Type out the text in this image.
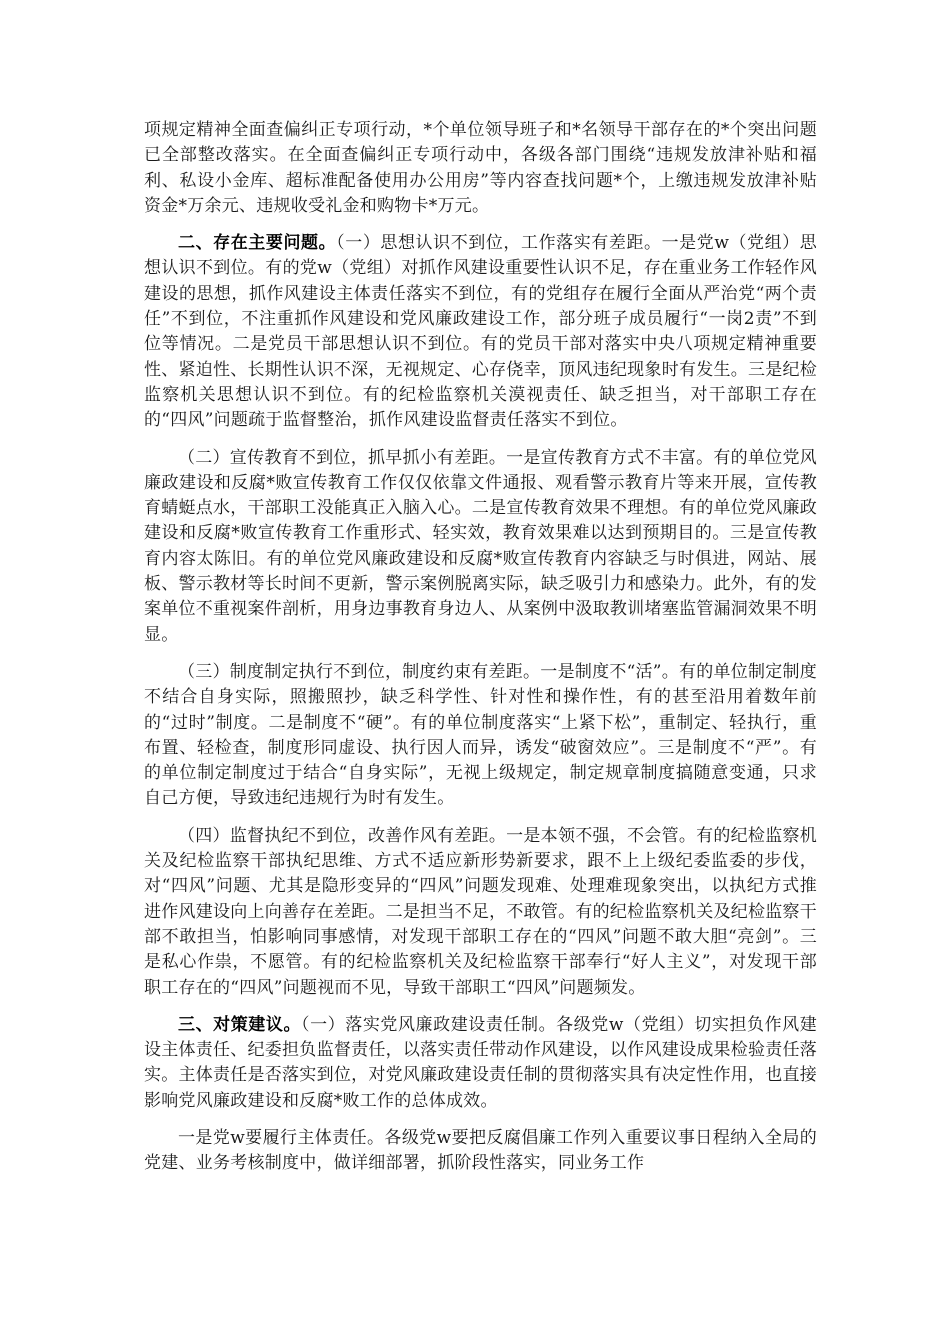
项规定精神全面查偏纠正专项行动，*个单位领导班子和*名领导干部存在的*个突出问题已全部整改落实。在全面查偏纠正专项行动中，各级各部门围绕“违规发放津补贴和福利、私设小金库、超标准配备使用办公用房”等内容查找问题*个，上缴违规发放津补贴资金*万余元、违规收受礼金和购物卡*万元。

二、存在主要问题。（一）思想认识不到位，工作落实有差距。一是党w（党组）思想认识不到位。有的党w（党组）对抓作风建设重要性认识不足，存在重业务工作轻作风建设的思想，抓作风建设主体责任落实不到位，有的党组存在履行全面从严治党“两个责任”不到位，不注重抓作风建设和党风廉政建设工作，部分班子成员履行“一岗2责”不到位等情况。二是党员干部思想认识不到位。有的党员干部对落实中央八项规定精神重要性、紧迫性、长期性认识不深，无视规定、心存侥幸，顶风违纪现象时有发生。三是纪检监察机关思想认识不到位。有的纪检监察机关漠视责任、缺乏担当，对干部职工存在的“四风”问题疏于监督整治，抓作风建设监督责任落实不到位。

（二）宣传教育不到位，抓早抓小有差距。一是宣传教育方式不丰富。有的单位党风廉政建设和反腐*败宣传教育工作仅仅依靠文件通报、观看警示教育片等来开展，宣传教育蜻蜓点水，干部职工没能真正入脑入心。二是宣传教育效果不理想。有的单位党风廉政建设和反腐*败宣传教育工作重形式、轻实效，教育效果难以达到预期目的。三是宣传教育内容太陈旧。有的单位党风廉政建设和反腐*败宣传教育内容缺乏与时俱进，网站、展板、警示教材等长时间不更新，警示案例脱离实际，缺乏吸引力和感染力。此外，有的发案单位不重视案件剖析，用身边事教育身边人、从案例中汲取教训堵塞监管漏洞效果不明显。

（三）制度制定执行不到位，制度约束有差距。一是制度不“活”。有的单位制定制度不结合自身实际，照搬照抄，缺乏科学性、针对性和操作性，有的甚至沿用着数年前的“过时”制度。二是制度不“硬”。有的单位制度落实“上紧下松”，重制定、轻执行，重布置、轻检查，制度形同虚设、执行因人而异，诱发“破窗效应”。三是制度不“严”。有的单位制定制度过于结合“自身实际”，无视上级规定，制定规章制度搞随意变通，只求自己方便，导致违纪违规行为时有发生。

（四）监督执纪不到位，改善作风有差距。一是本领不强，不会管。有的纪检监察机关及纪检监察干部执纪思维、方式不适应新形势新要求，跟不上上级纪委监委的步伐，对“四风”问题、尤其是隐形变异的“四风”问题发现难、处理难现象突出，以执纪方式推进作风建设向上向善存在差距。二是担当不足，不敢管。有的纪检监察机关及纪检监察干部不敢担当，怕影响同事感情，对发现干部职工存在的“四风”问题不敢大胆“亮剑”。三是私心作祟，不愿管。有的纪检监察机关及纪检监察干部奉行“好人主义”，对发现干部职工存在的“四风”问题视而不见，导致干部职工“四风”问题频发。

三、对策建议。（一）落实党风廉政建设责任制。各级党w（党组）切实担负作风建设主体责任、纪委担负监督责任，以落实责任带动作风建设，以作风建设成果检验责任落实。主体责任是否落实到位，对党风廉政建设责任制的贯彻落实具有决定性作用，也直接影响党风廉政建设和反腐*败工作的总体成效。

一是党w要履行主体责任。各级党w要把反腐倡廉工作列入重要议事日程纳入全局的党建、业务考核制度中，做详细部署，抓阶段性落实，同业务工作
